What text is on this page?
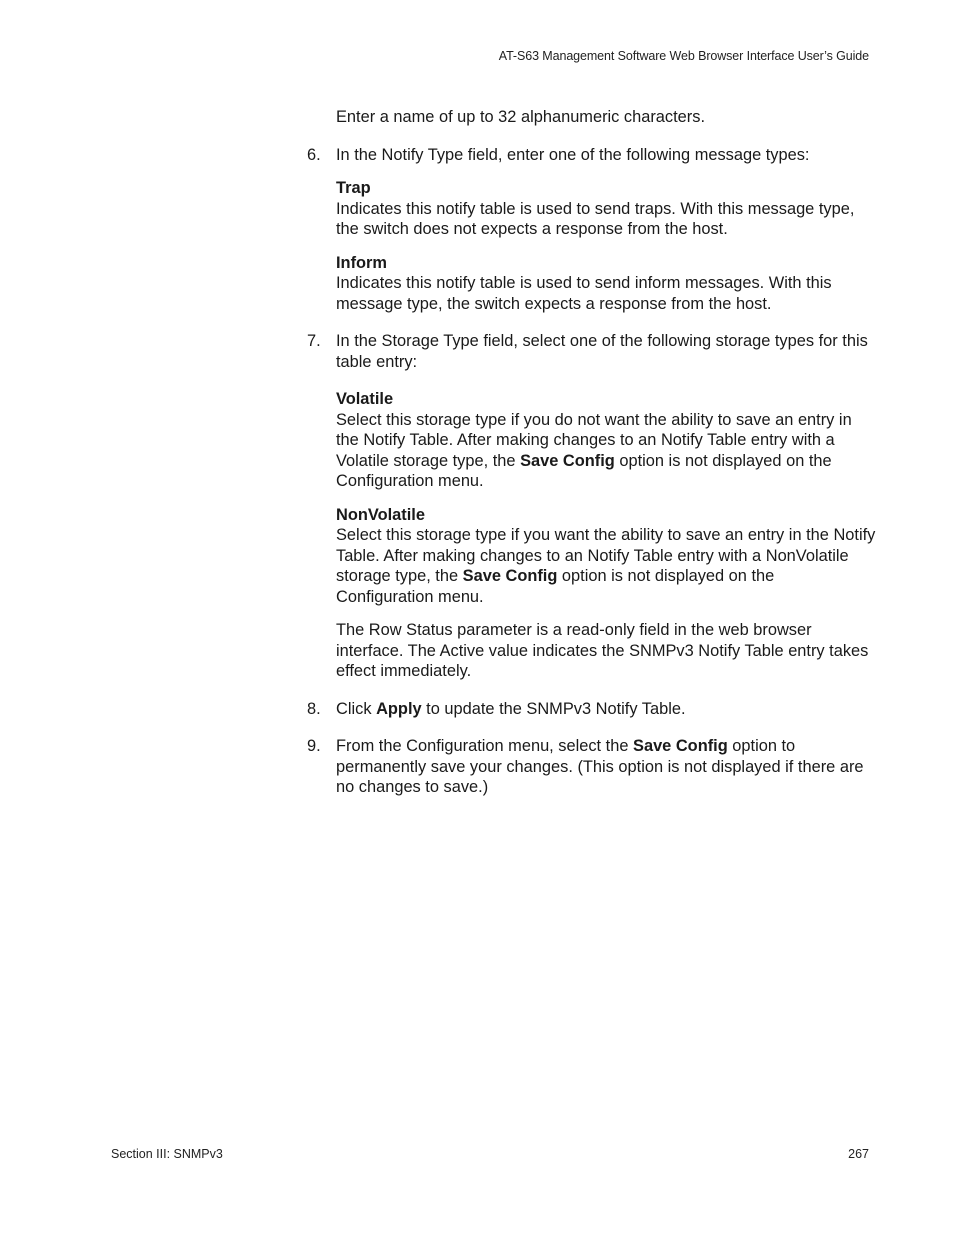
AT-S63 Management Software Web Browser Interface User’s Guide

Enter a name of up to 32 alphanumeric characters.

6. In the Notify Type field, enter one of the following message types:

Trap

Indicates this notify table is used to send traps. With this message type, the switch does not expects a response from the host.

Inform

Indicates this notify table is used to send inform messages. With this message type, the switch expects a response from the host.

7. In the Storage Type field, select one of the following storage types for this table entry:

Volatile

Select this storage type if you do not want the ability to save an entry in the Notify Table. After making changes to an Notify Table entry with a Volatile storage type, the Save Config option is not displayed on the Configuration menu.

NonVolatile

Select this storage type if you want the ability to save an entry in the Notify Table. After making changes to an Notify Table entry with a NonVolatile storage type, the Save Config option is not displayed on the Configuration menu.

The Row Status parameter is a read-only field in the web browser interface. The Active value indicates the SNMPv3 Notify Table entry takes effect immediately.

8. Click Apply to update the SNMPv3 Notify Table.

9. From the Configuration menu, select the Save Config option to permanently save your changes. (This option is not displayed if there are no changes to save.)

Section III: SNMPv3	267
